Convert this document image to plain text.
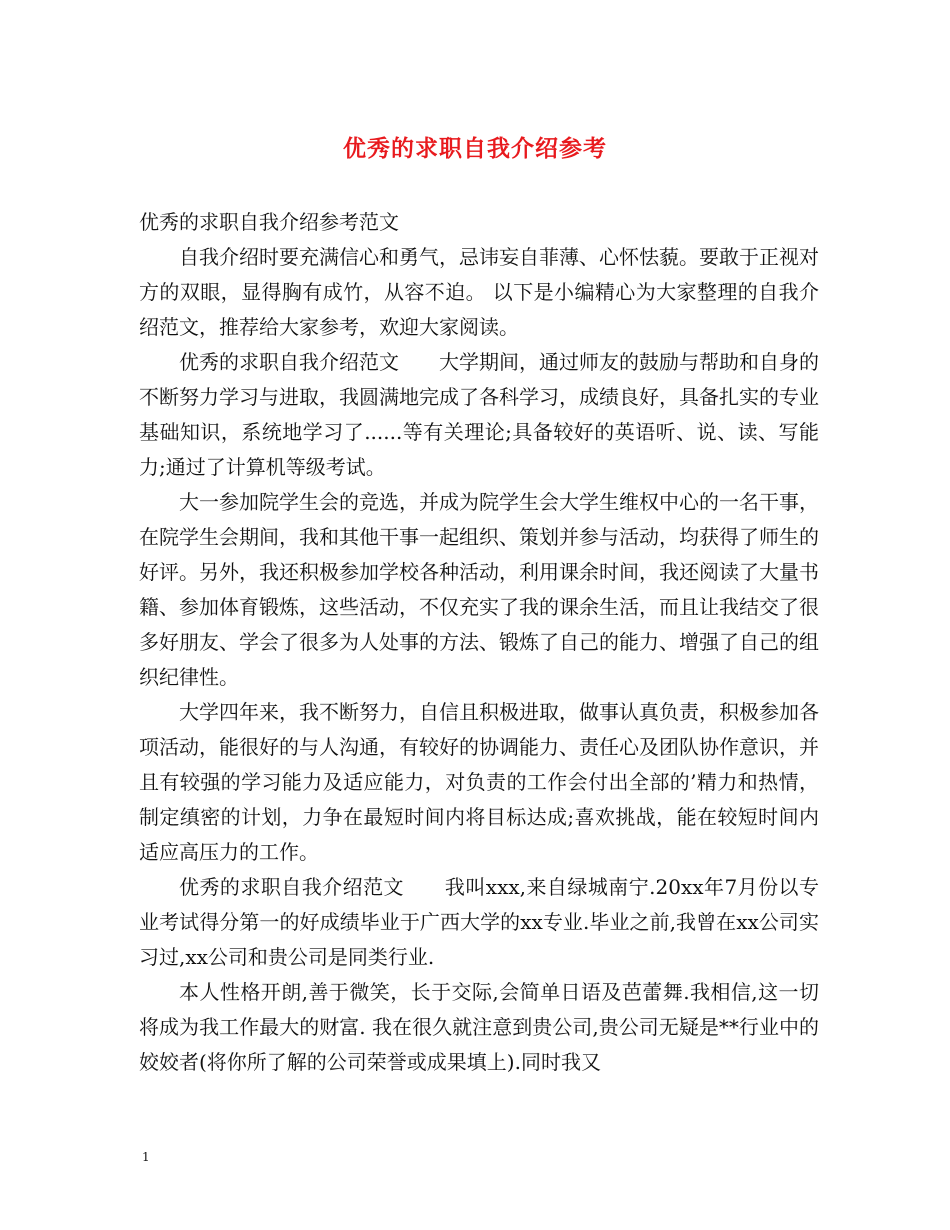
优秀的求职自我介绍参考

优秀的求职自我介绍参考范文

自我介绍时要充满信心和勇气，忌讳妄自菲薄、心怀怯藐。要敢于正视对方的双眼，显得胸有成竹，从容不迫。 以下是小编精心为大家整理的自我介绍范文，推荐给大家参考，欢迎大家阅读。

优秀的求职自我介绍范文　　大学期间，通过师友的鼓励与帮助和自身的不断努力学习与进取，我圆满地完成了各科学习，成绩良好，具备扎实的专业基础知识，系统地学习了......等有关理论;具备较好的英语听、说、读、写能力;通过了计算机等级考试。

大一参加院学生会的竞选，并成为院学生会大学生维权中心的一名干事，在院学生会期间，我和其他干事一起组织、策划并参与活动，均获得了师生的好评。另外，我还积极参加学校各种活动，利用课余时间，我还阅读了大量书籍、参加体育锻炼，这些活动，不仅充实了我的课余生活，而且让我结交了很多好朋友、学会了很多为人处事的方法、锻炼了自己的能力、增强了自己的组织纪律性。

大学四年来，我不断努力，自信且积极进取，做事认真负责，积极参加各项活动，能很好的与人沟通，有较好的协调能力、责任心及团队协作意识，并且有较强的学习能力及适应能力，对负责的工作会付出全部的’精力和热情，制定缜密的计划，力争在最短时间内将目标达成;喜欢挑战，能在较短时间内适应高压力的工作。

优秀的求职自我介绍范文　　我叫xxx,来自绿城南宁.20xx年7月份以专业考试得分第一的好成绩毕业于广西大学的xx专业.毕业之前,我曾在xx公司实习过,xx公司和贵公司是同类行业.

本人性格开朗,善于微笑，长于交际,会简单日语及芭蕾舞.我相信,这一切将成为我工作最大的财富. 我在很久就注意到贵公司,贵公司无疑是**行业中的姣姣者(将你所了解的公司荣誉或成果填上).同时我又

1
